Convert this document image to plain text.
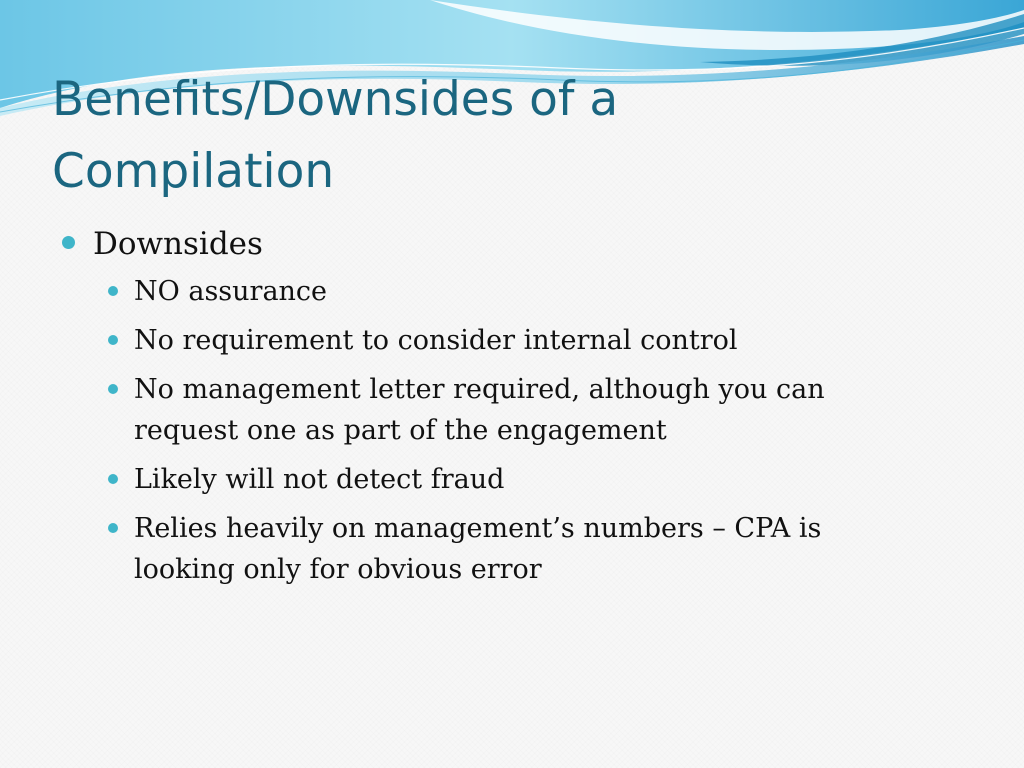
Benefits/Downsides of a
Compilation
Downsides
NO assurance
No requirement to consider internal control
No management letter required, although you can request one as part of the engagement
Likely will not detect fraud
Relies heavily on management’s numbers – CPA is looking only for obvious error
